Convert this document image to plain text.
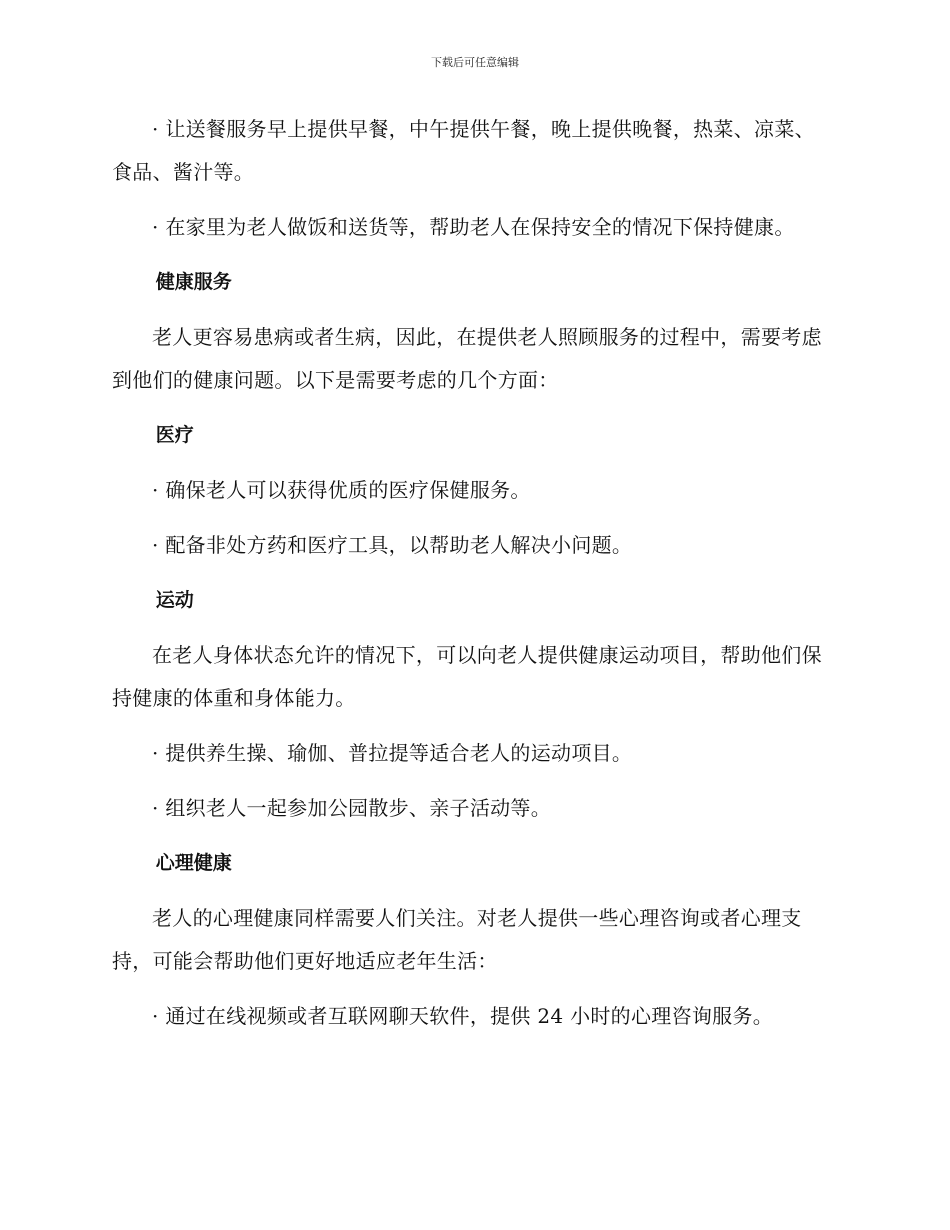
下载后可任意编辑

· 让送餐服务早上提供早餐，中午提供午餐，晚上提供晚餐，热菜、凉菜、食品、酱汁等。

· 在家里为老人做饭和送货等，帮助老人在保持安全的情况下保持健康。

健康服务

老人更容易患病或者生病，因此，在提供老人照顾服务的过程中，需要考虑到他们的健康问题。以下是需要考虑的几个方面：

医疗

· 确保老人可以获得优质的医疗保健服务。

· 配备非处方药和医疗工具，以帮助老人解决小问题。

运动

在老人身体状态允许的情况下，可以向老人提供健康运动项目，帮助他们保持健康的体重和身体能力。

· 提供养生操、瑜伽、普拉提等适合老人的运动项目。

· 组织老人一起参加公园散步、亲子活动等。

心理健康

老人的心理健康同样需要人们关注。对老人提供一些心理咨询或者心理支持，可能会帮助他们更好地适应老年生活：

· 通过在线视频或者互联网聊天软件，提供 24 小时的心理咨询服务。
